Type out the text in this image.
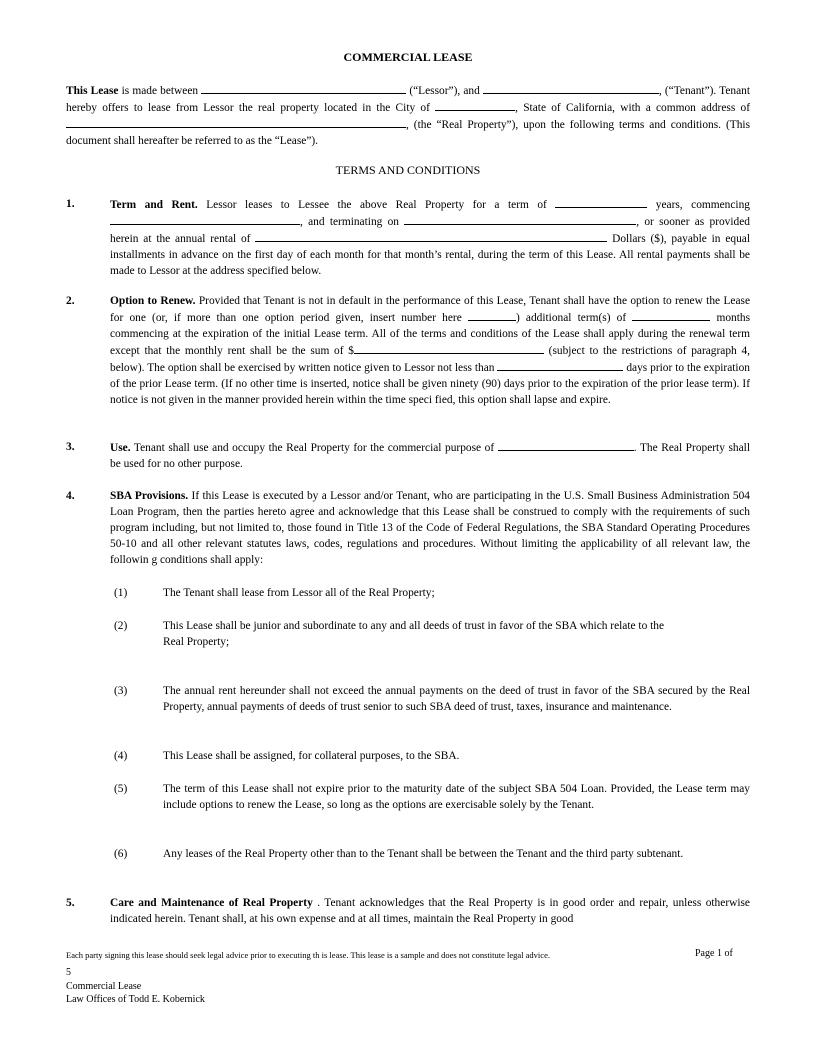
COMMERCIAL LEASE
This Lease is made between	(“Lessor”), and	, (“Tenant”). Tenant hereby offers to lease from Lessor the real property located in the City of	, State of California, with a common address of , (the “Real Property”), upon the following terms and conditions. (This document shall hereafter be referred to as the “Lease”).
TERMS AND CONDITIONS
1.	Term and Rent. Lessor leases to Lessee the above Real Property for a term of	years, commencing , and terminating on	, or sooner as provided herein at the annual rental of	Dollars ($), payable in equal installments in advance on the first day of each month for that month’s rental, during the term of this Lease. All rental payments shall be made to Lessor at the address specified below.
2.	Option to Renew. Provided that Tenant is not in default in the performance of this Lease, Tenant shall have the option to renew the Lease for one (or, if more than one option period given, insert number here	) additional term(s) of	months commencing at the expiration of the initial Lease term. All of the terms and conditions of the Lease shall apply during the renewal term except that the monthly rent shall be the sum of $	(subject to the restrictions of paragraph 4, below). The option shall be exercised by written notice given to Lessor not less than	days prior to the expiration of the prior Lease term. (If no other time is inserted, notice shall be given ninety (90) days prior to the expiration of the prior lease term). If notice is not given in the manner provided herein within the time speci fied, this option shall lapse and expire.
3.	Use. Tenant shall use and occupy the Real Property for the commercial purpose of	. The Real Property shall be used for no other purpose.
4.	SBA Provisions. If this Lease is executed by a Lessor and/or Tenant, who are participating in the U.S. Small Business Administration 504 Loan Program, then the parties hereto agree and acknowledge that this Lease shall be construed to comply with the requirements of such program including, but not limited to, those found in Title 13 of the Code of Federal Regulations, the SBA Standard Operating Procedures 50-10 and all other relevant statutes laws, codes, regulations and procedures. Without limiting the applicability of all relevant law, the followin g conditions shall apply:
(1)	The Tenant shall lease from Lessor all of the Real Property;
(2)	This Lease shall be junior and subordinate to any and all deeds of trust in favor of the SBA which relate to the
Real Property;
(3)	The annual rent hereunder shall not exceed the annual payments on the deed of trust in favor of the SBA secured by the Real Property, annual payments of deeds of trust senior to such SBA deed of trust, taxes, insurance and maintenance.
(4)	This Lease shall be assigned, for collateral purposes, to the SBA.
(5)	The term of this Lease shall not expire prior to the maturity date of the subject SBA 504 Loan. Provided, the Lease term may include options to renew the Lease, so long as the options are exercisable solely by the Tenant.
(6)	Any leases of the Real Property other than to the Tenant shall be between the Tenant and the third party subtenant.
5.	Care and Maintenance of Real Property . Tenant acknowledges that the Real Property is in good order and repair, unless otherwise indicated herein. Tenant shall, at his own expense and at all times, maintain the Real Property in good
Each party signing this lease should seek legal advice prior to executing th is lease. This lease is a sample and does not constitute legal advice.	Page 1 of
5
Commercial Lease
Law Offices of Todd E. Kobernick
